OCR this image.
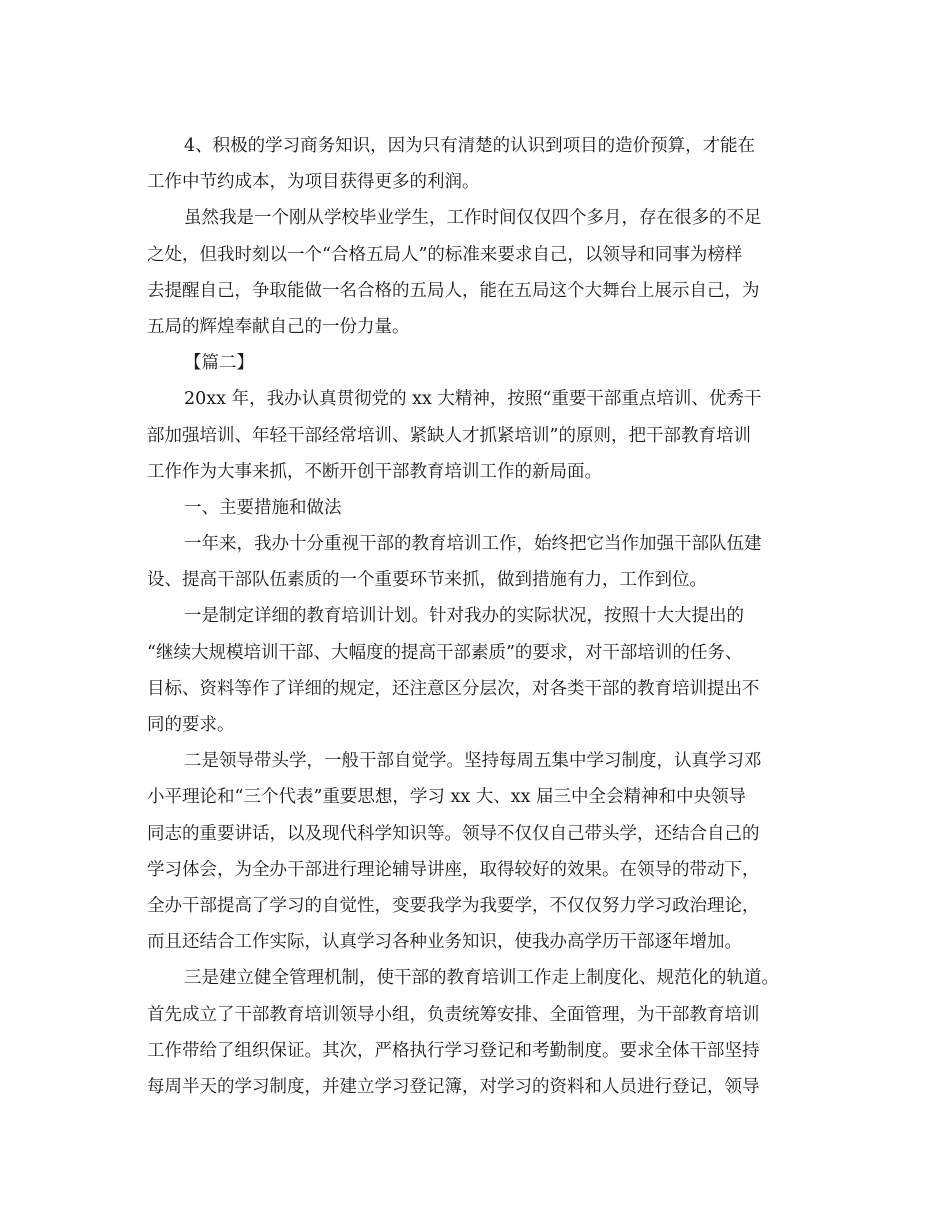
4、积极的学习商务知识，因为只有清楚的认识到项目的造价预算，才能在
工作中节约成本，为项目获得更多的利润。
虽然我是一个刚从学校毕业学生，工作时间仅仅四个多月，存在很多的不足
之处，但我时刻以一个“合格五局人”的标准来要求自己，以领导和同事为榜样
去提醒自己，争取能做一名合格的五局人，能在五局这个大舞台上展示自己，为
五局的辉煌奉献自己的一份力量。
【篇二】
20xx 年，我办认真贯彻党的 xx 大精神，按照“重要干部重点培训、优秀干
部加强培训、年轻干部经常培训、紧缺人才抓紧培训”的原则，把干部教育培训
工作作为大事来抓，不断开创干部教育培训工作的新局面。
一、主要措施和做法
一年来，我办十分重视干部的教育培训工作，始终把它当作加强干部队伍建
设、提高干部队伍素质的一个重要环节来抓，做到措施有力，工作到位。
一是制定详细的教育培训计划。针对我办的实际状况，按照十大大提出的
“继续大规模培训干部、大幅度的提高干部素质”的要求，对干部培训的任务、
目标、资料等作了详细的规定，还注意区分层次，对各类干部的教育培训提出不
同的要求。
二是领导带头学，一般干部自觉学。坚持每周五集中学习制度，认真学习邓
小平理论和“三个代表”重要思想，学习 xx 大、xx 届三中全会精神和中央领导
同志的重要讲话，以及现代科学知识等。领导不仅仅自己带头学，还结合自己的
学习体会，为全办干部进行理论辅导讲座，取得较好的效果。在领导的带动下，
全办干部提高了学习的自觉性，变要我学为我要学，不仅仅努力学习政治理论，
而且还结合工作实际，认真学习各种业务知识，使我办高学历干部逐年增加。
三是建立健全管理机制，使干部的教育培训工作走上制度化、规范化的轨道。
首先成立了干部教育培训领导小组，负责统筹安排、全面管理，为干部教育培训
工作带给了组织保证。其次，严格执行学习登记和考勤制度。要求全体干部坚持
每周半天的学习制度，并建立学习登记簿，对学习的资料和人员进行登记，领导
